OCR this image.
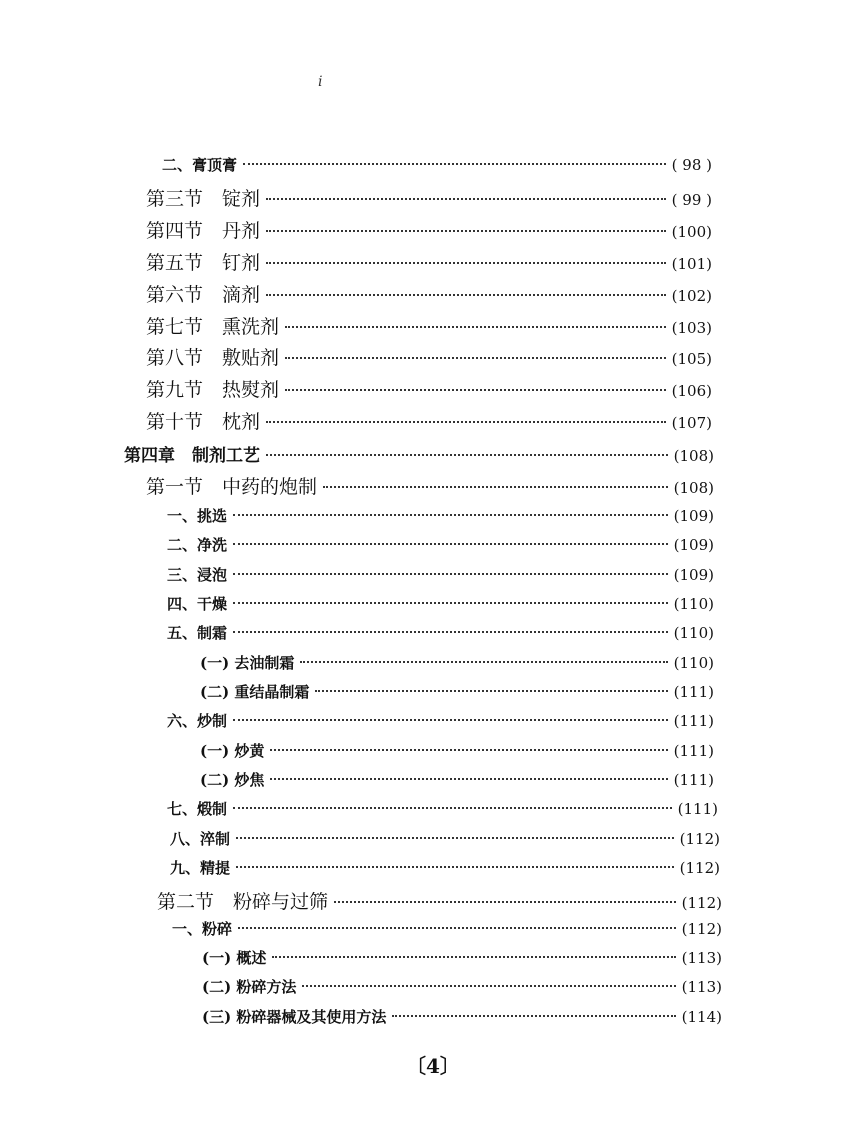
i
二、膏顶膏	( 98 )
第三节　锭剂	( 99 )
第四节　丹剂	(100)
第五节　钉剂	(101)
第六节　滴剂	(102)
第七节　熏洗剂	(103)
第八节　敷贴剂	(105)
第九节　热熨剂	(106)
第十节　枕剂	(107)
第四章　制剂工艺	(108)
第一节　中药的炮制	(108)
一、挑选	(109)
二、净洗	(109)
三、浸泡	(109)
四、干燥	(110)
五、制霜	(110)
(一) 去油制霜	(110)
(二) 重结晶制霜	(111)
六、炒制	(111)
(一) 炒黄	(111)
(二) 炒焦	(111)
七、煅制	(111)
八、淬制	(112)
九、精提	(112)
第二节　粉碎与过筛	(112)
一、粉碎	(112)
(一) 概述	(113)
(二) 粉碎方法	(113)
(三) 粉碎器械及其使用方法	(114)
〔4〕
